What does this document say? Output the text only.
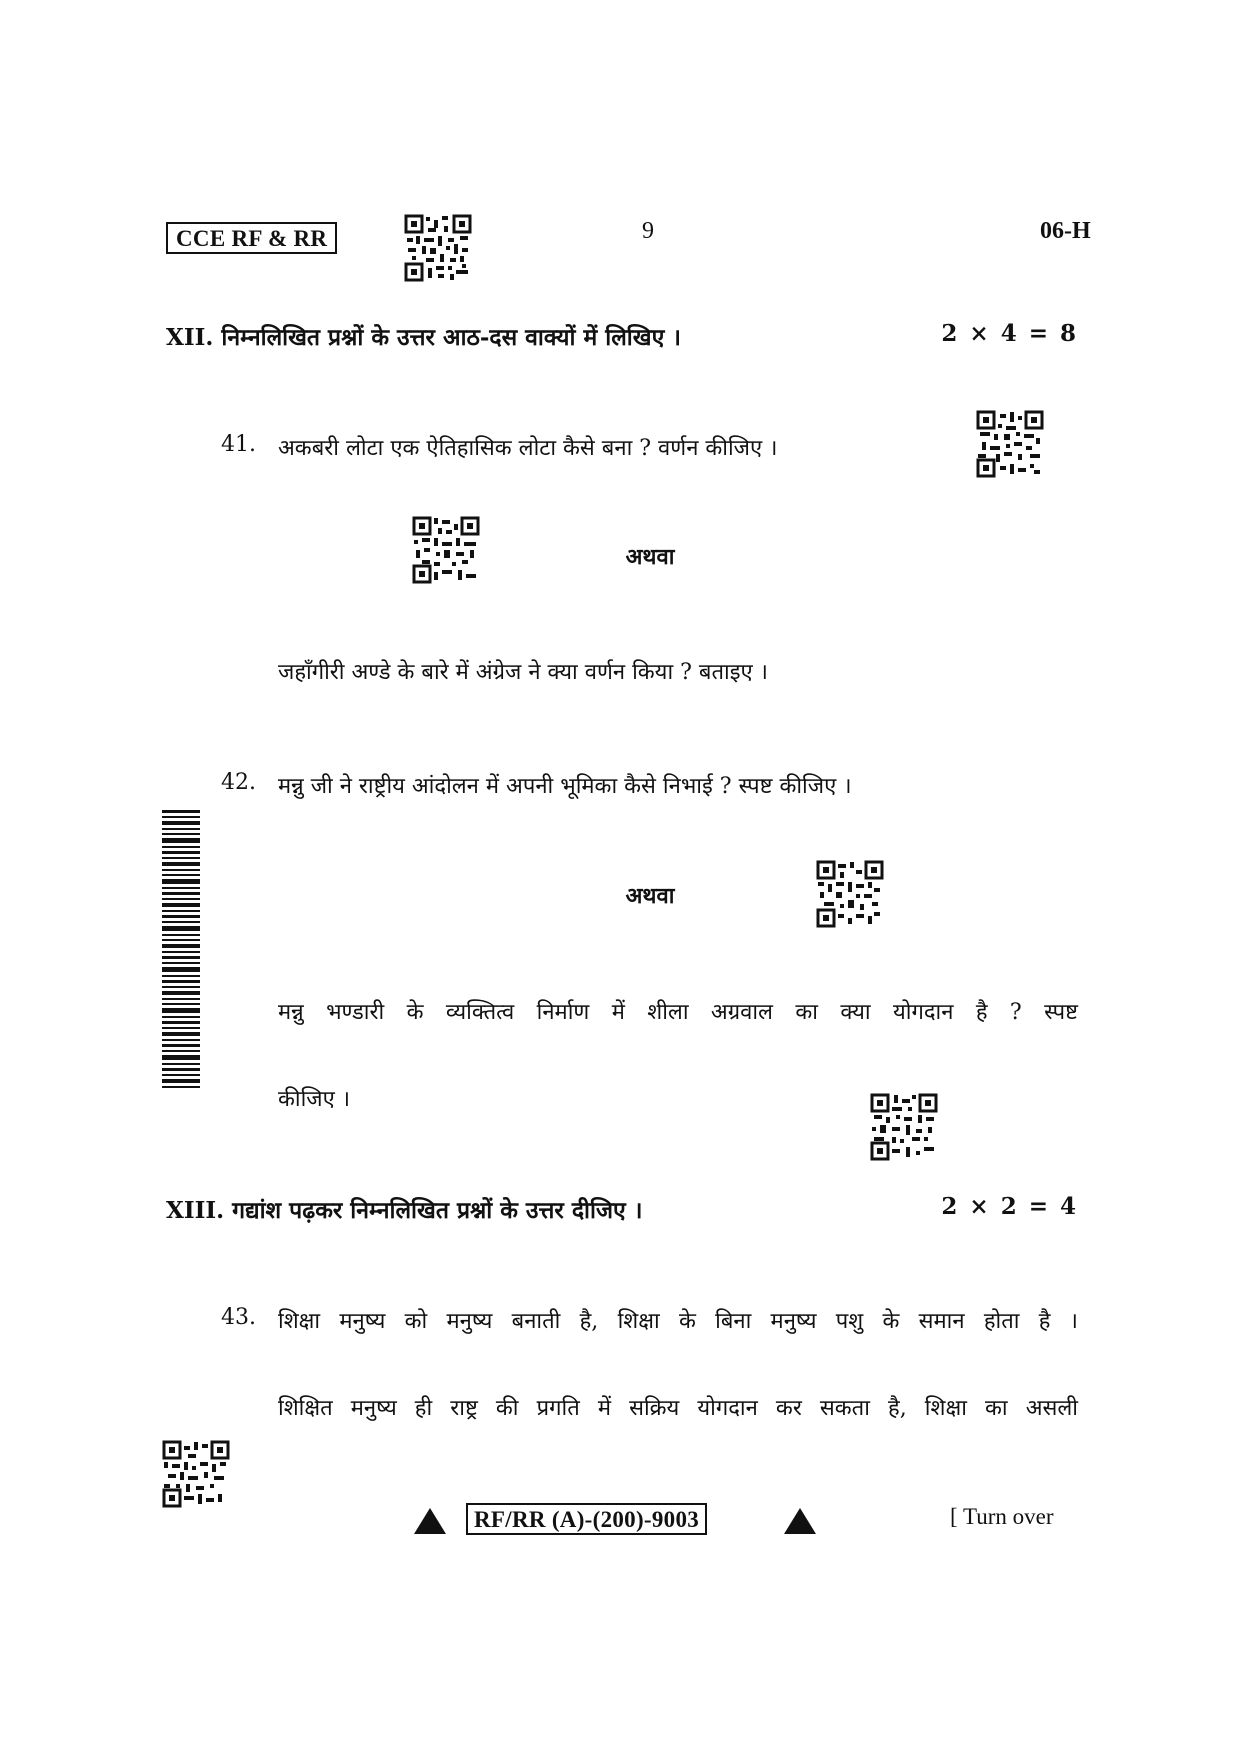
CCE RF & RR	9	06-H
XII. निम्नलिखित प्रश्नों के उत्तर आठ-दस वाक्यों में लिखिए ।	2 × 4 = 8
41. अकबरी लोटा एक ऐतिहासिक लोटा कैसे बना ? वर्णन कीजिए ।
अथवा
जहाँगीरी अण्डे के बारे में अंग्रेज ने क्या वर्णन किया ? बताइए ।
42. मन्नु जी ने राष्ट्रीय आंदोलन में अपनी भूमिका कैसे निभाई ? स्पष्ट कीजिए ।
अथवा
मन्नु भण्डारी के व्यक्तित्व निर्माण में शीला अग्रवाल का क्या योगदान है ? स्पष्ट
कीजिए ।
XIII. गद्यांश पढ़कर निम्नलिखित प्रश्नों के उत्तर दीजिए ।	2 × 2 = 4
43. शिक्षा मनुष्य को मनुष्य बनाती है, शिक्षा के बिना मनुष्य पशु के समान होता है ।
शिक्षित मनुष्य ही राष्ट्र की प्रगति में सक्रिय योगदान कर सकता है, शिक्षा का असली
RF/RR (A)-(200)-9003	[ Turn over
